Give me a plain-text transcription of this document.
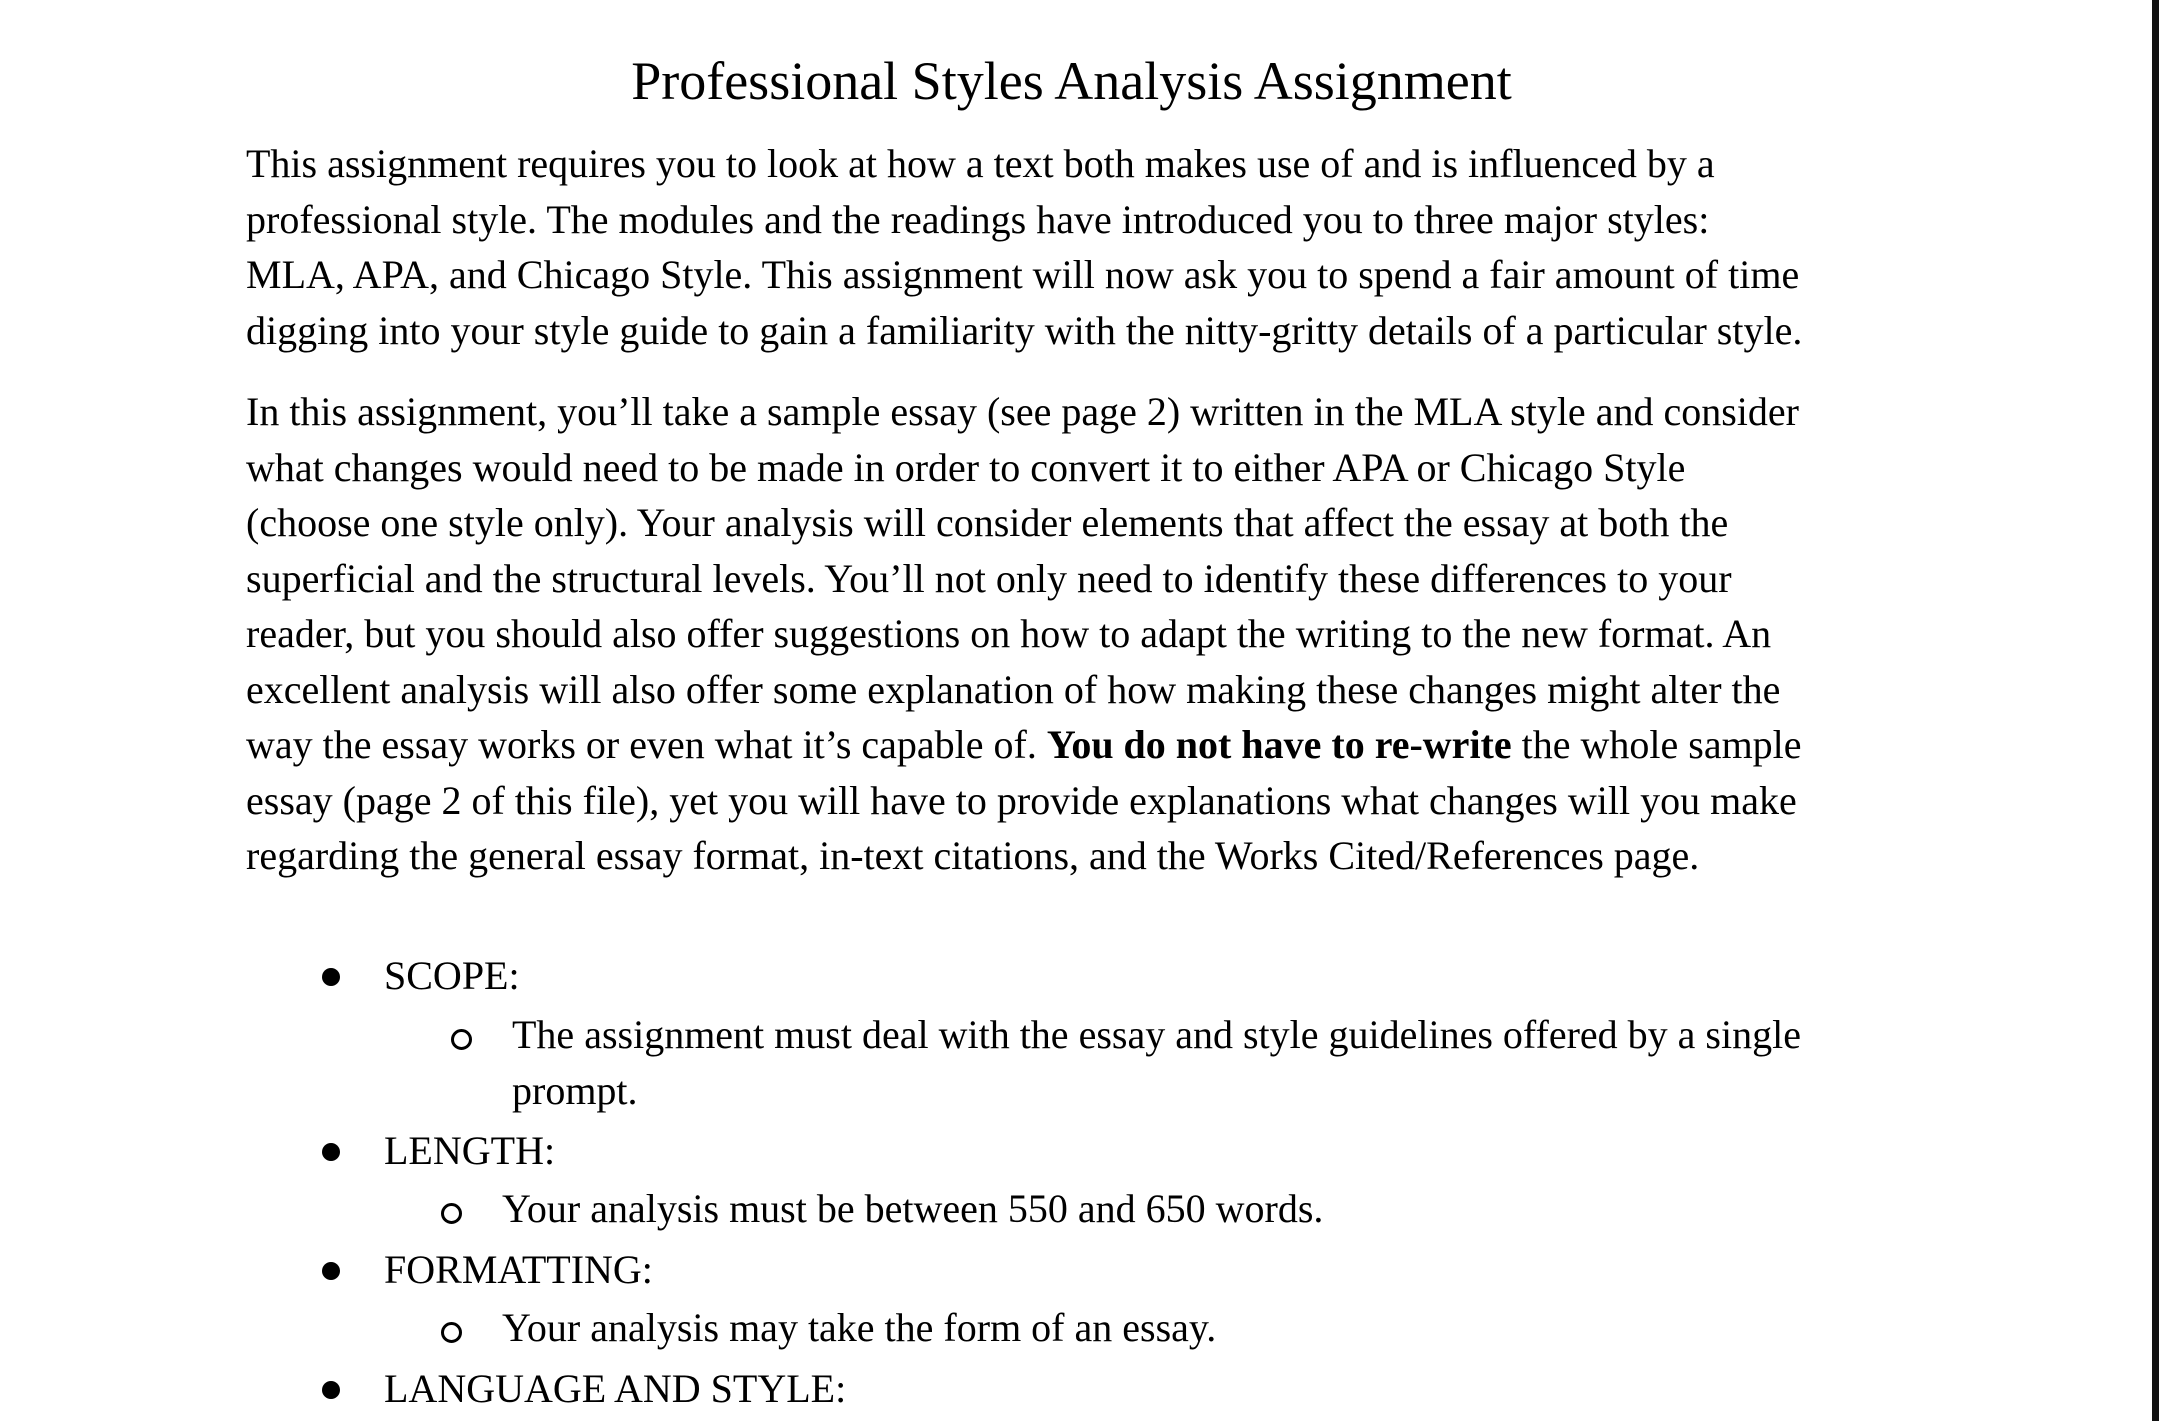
Professional Styles Analysis Assignment
This assignment requires you to look at how a text both makes use of and is influenced by a
professional style. The modules and the readings have introduced you to three major styles:
MLA, APA, and Chicago Style. This assignment will now ask you to spend a fair amount of time
digging into your style guide to gain a familiarity with the nitty-gritty details of a particular style.
In this assignment, you’ll take a sample essay (see page 2) written in the MLA style and consider
what changes would need to be made in order to convert it to either APA or Chicago Style
(choose one style only). Your analysis will consider elements that affect the essay at both the
superficial and the structural levels. You’ll not only need to identify these differences to your
reader, but you should also offer suggestions on how to adapt the writing to the new format. An
excellent analysis will also offer some explanation of how making these changes might alter the
way the essay works or even what it’s capable of. You do not have to re-write the whole sample
essay (page 2 of this file), yet you will have to provide explanations what changes will you make
regarding the general essay format, in-text citations, and the Works Cited/References page.
SCOPE:
The assignment must deal with the essay and style guidelines offered by a single
prompt.
LENGTH:
Your analysis must be between 550 and 650 words.
FORMATTING:
Your analysis may take the form of an essay.
LANGUAGE AND STYLE:
